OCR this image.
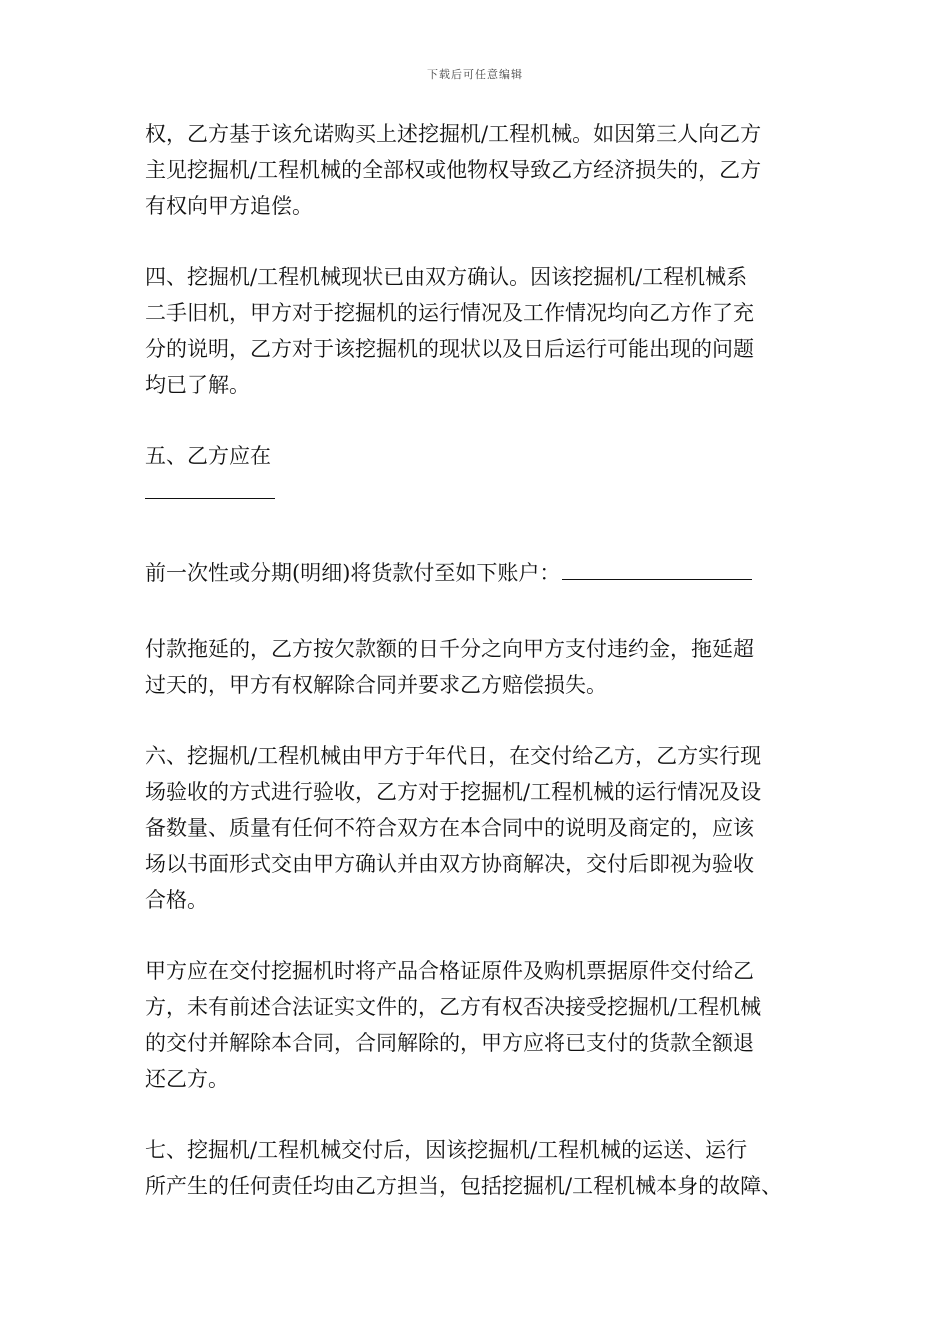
下载后可任意编辑
权，乙方基于该允诺购买上述挖掘机/工程机械。如因第三人向乙方
主见挖掘机/工程机械的全部权或他物权导致乙方经济损失的，乙方
有权向甲方追偿。
四、挖掘机/工程机械现状已由双方确认。因该挖掘机/工程机械系
二手旧机，甲方对于挖掘机的运行情况及工作情况均向乙方作了充
分的说明，乙方对于该挖掘机的现状以及日后运行可能出现的问题
均已了解。
五、乙方应在
前一次性或分期(明细)将货款付至如下账户：
付款拖延的，乙方按欠款额的日千分之向甲方支付违约金，拖延超
过天的，甲方有权解除合同并要求乙方赔偿损失。
六、挖掘机/工程机械由甲方于年代日，在交付给乙方，乙方实行现
场验收的方式进行验收，乙方对于挖掘机/工程机械的运行情况及设
备数量、质量有任何不符合双方在本合同中的说明及商定的，应该
场以书面形式交由甲方确认并由双方协商解决，交付后即视为验收
合格。
甲方应在交付挖掘机时将产品合格证原件及购机票据原件交付给乙
方，未有前述合法证实文件的，乙方有权否决接受挖掘机/工程机械
的交付并解除本合同，合同解除的，甲方应将已支付的货款全额退
还乙方。
七、挖掘机/工程机械交付后，因该挖掘机/工程机械的运送、运行
所产生的任何责任均由乙方担当，包括挖掘机/工程机械本身的故障、
